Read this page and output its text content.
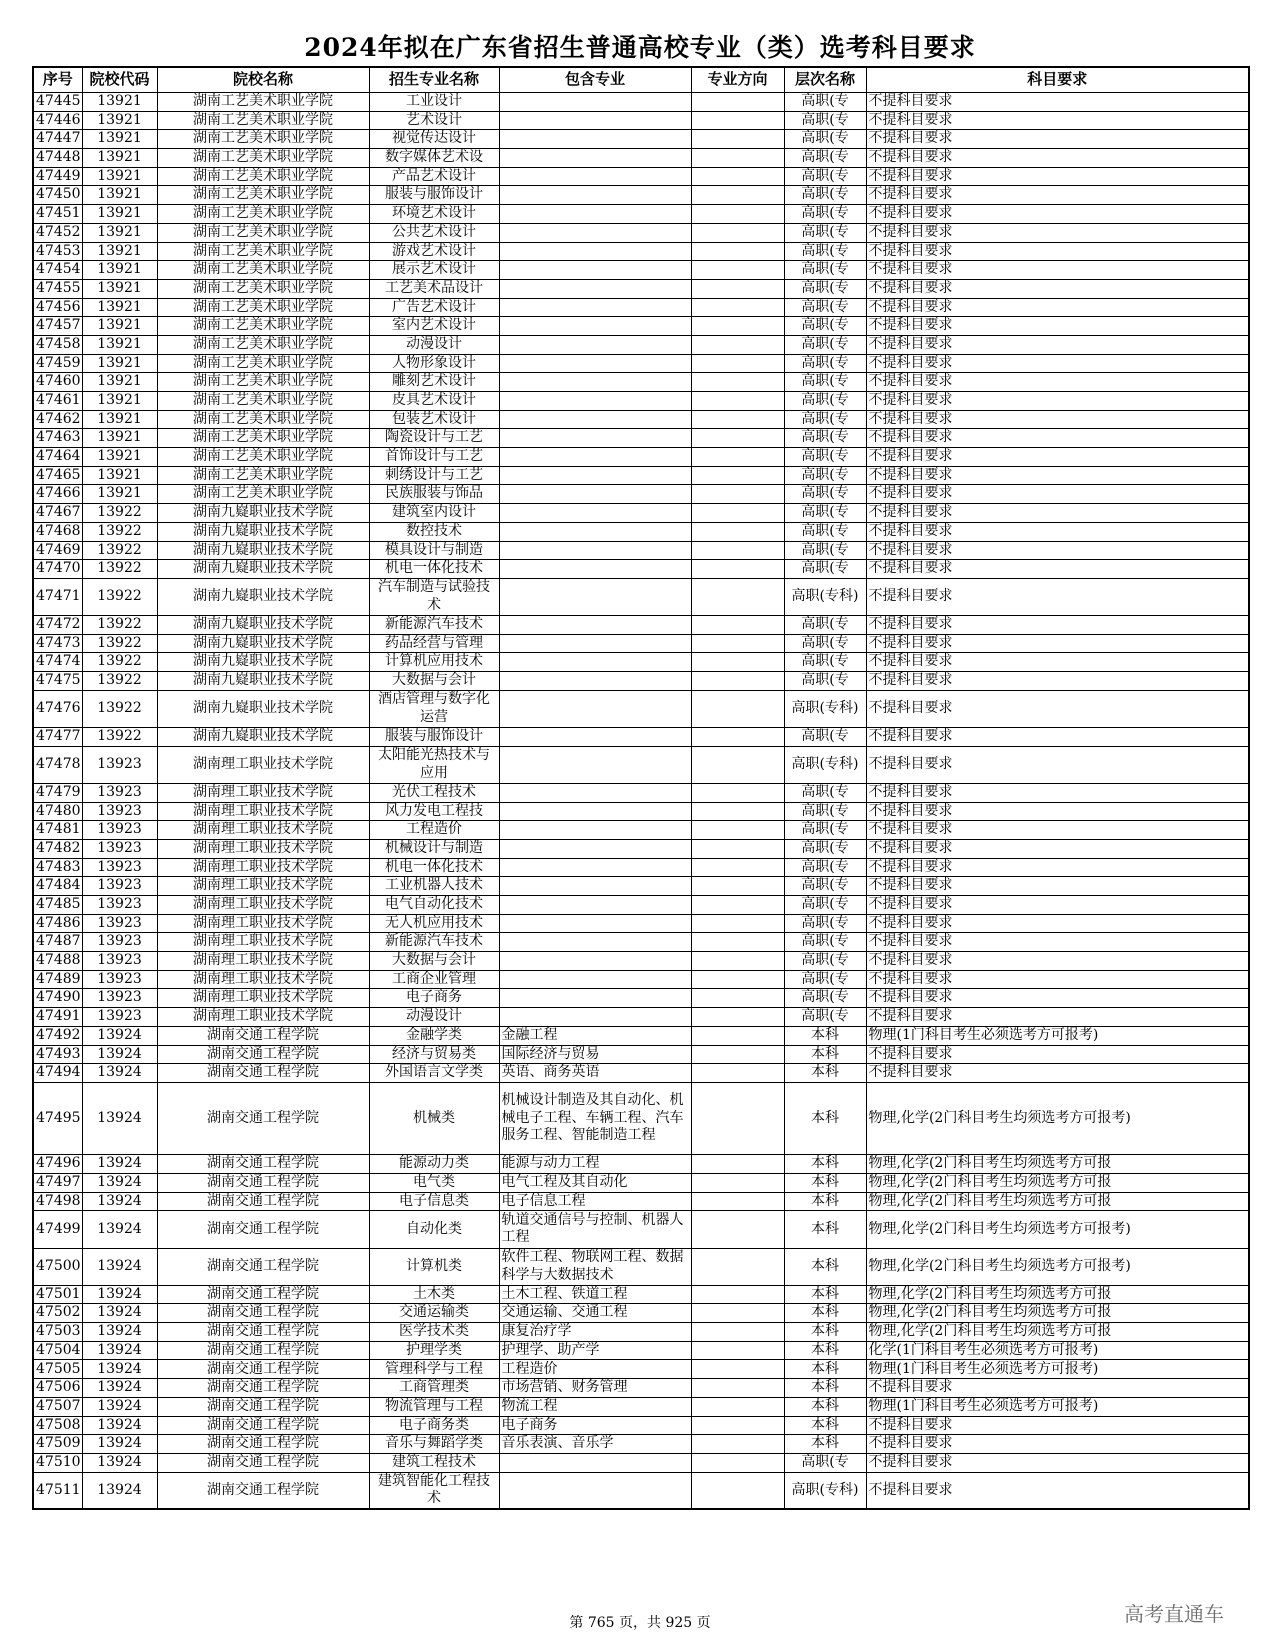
2024年拟在广东省招生普通高校专业（类）选考科目要求
序号	院校代码	院校名称	招生专业名称	包含专业	专业方向	层次名称	科目要求
47445	13921	湖南工艺美术职业学院	工业设计			高职(专	不提科目要求
47446	13921	湖南工艺美术职业学院	艺术设计			高职(专	不提科目要求
47447	13921	湖南工艺美术职业学院	视觉传达设计			高职(专	不提科目要求
47448	13921	湖南工艺美术职业学院	数字媒体艺术设			高职(专	不提科目要求
47449	13921	湖南工艺美术职业学院	产品艺术设计			高职(专	不提科目要求
47450	13921	湖南工艺美术职业学院	服装与服饰设计			高职(专	不提科目要求
47451	13921	湖南工艺美术职业学院	环境艺术设计			高职(专	不提科目要求
47452	13921	湖南工艺美术职业学院	公共艺术设计			高职(专	不提科目要求
47453	13921	湖南工艺美术职业学院	游戏艺术设计			高职(专	不提科目要求
47454	13921	湖南工艺美术职业学院	展示艺术设计			高职(专	不提科目要求
47455	13921	湖南工艺美术职业学院	工艺美术品设计			高职(专	不提科目要求
47456	13921	湖南工艺美术职业学院	广告艺术设计			高职(专	不提科目要求
47457	13921	湖南工艺美术职业学院	室内艺术设计			高职(专	不提科目要求
47458	13921	湖南工艺美术职业学院	动漫设计			高职(专	不提科目要求
47459	13921	湖南工艺美术职业学院	人物形象设计			高职(专	不提科目要求
47460	13921	湖南工艺美术职业学院	雕刻艺术设计			高职(专	不提科目要求
47461	13921	湖南工艺美术职业学院	皮具艺术设计			高职(专	不提科目要求
47462	13921	湖南工艺美术职业学院	包装艺术设计			高职(专	不提科目要求
47463	13921	湖南工艺美术职业学院	陶瓷设计与工艺			高职(专	不提科目要求
47464	13921	湖南工艺美术职业学院	首饰设计与工艺			高职(专	不提科目要求
47465	13921	湖南工艺美术职业学院	刺绣设计与工艺			高职(专	不提科目要求
47466	13921	湖南工艺美术职业学院	民族服装与饰品			高职(专	不提科目要求
47467	13922	湖南九嶷职业技术学院	建筑室内设计			高职(专	不提科目要求
47468	13922	湖南九嶷职业技术学院	数控技术			高职(专	不提科目要求
47469	13922	湖南九嶷职业技术学院	模具设计与制造			高职(专	不提科目要求
47470	13922	湖南九嶷职业技术学院	机电一体化技术			高职(专	不提科目要求
47471	13922	湖南九嶷职业技术学院	汽车制造与试验技术			高职(专科)	不提科目要求
47472	13922	湖南九嶷职业技术学院	新能源汽车技术			高职(专	不提科目要求
47473	13922	湖南九嶷职业技术学院	药品经营与管理			高职(专	不提科目要求
47474	13922	湖南九嶷职业技术学院	计算机应用技术			高职(专	不提科目要求
47475	13922	湖南九嶷职业技术学院	大数据与会计			高职(专	不提科目要求
47476	13922	湖南九嶷职业技术学院	酒店管理与数字化运营			高职(专科)	不提科目要求
47477	13922	湖南九嶷职业技术学院	服装与服饰设计			高职(专	不提科目要求
47478	13923	湖南理工职业技术学院	太阳能光热技术与应用			高职(专科)	不提科目要求
47479	13923	湖南理工职业技术学院	光伏工程技术			高职(专	不提科目要求
47480	13923	湖南理工职业技术学院	风力发电工程技			高职(专	不提科目要求
47481	13923	湖南理工职业技术学院	工程造价			高职(专	不提科目要求
47482	13923	湖南理工职业技术学院	机械设计与制造			高职(专	不提科目要求
47483	13923	湖南理工职业技术学院	机电一体化技术			高职(专	不提科目要求
47484	13923	湖南理工职业技术学院	工业机器人技术			高职(专	不提科目要求
47485	13923	湖南理工职业技术学院	电气自动化技术			高职(专	不提科目要求
47486	13923	湖南理工职业技术学院	无人机应用技术			高职(专	不提科目要求
47487	13923	湖南理工职业技术学院	新能源汽车技术			高职(专	不提科目要求
47488	13923	湖南理工职业技术学院	大数据与会计			高职(专	不提科目要求
47489	13923	湖南理工职业技术学院	工商企业管理			高职(专	不提科目要求
47490	13923	湖南理工职业技术学院	电子商务			高职(专	不提科目要求
47491	13923	湖南理工职业技术学院	动漫设计			高职(专	不提科目要求
47492	13924	湖南交通工程学院	金融学类	金融工程		本科	物理(1门科目考生必须选考方可报考)
47493	13924	湖南交通工程学院	经济与贸易类	国际经济与贸易		本科	不提科目要求
47494	13924	湖南交通工程学院	外国语言文学类	英语、商务英语		本科	不提科目要求
47495	13924	湖南交通工程学院	机械类	机械设计制造及其自动化、机械电子工程、车辆工程、汽车服务工程、智能制造工程		本科	物理,化学(2门科目考生均须选考方可报考)
47496	13924	湖南交通工程学院	能源动力类	能源与动力工程		本科	物理,化学(2门科目考生均须选考方可报
47497	13924	湖南交通工程学院	电气类	电气工程及其自动化		本科	物理,化学(2门科目考生均须选考方可报
47498	13924	湖南交通工程学院	电子信息类	电子信息工程		本科	物理,化学(2门科目考生均须选考方可报
47499	13924	湖南交通工程学院	自动化类	轨道交通信号与控制、机器人工程		本科	物理,化学(2门科目考生均须选考方可报考)
47500	13924	湖南交通工程学院	计算机类	软件工程、物联网工程、数据科学与大数据技术		本科	物理,化学(2门科目考生均须选考方可报考)
47501	13924	湖南交通工程学院	土木类	土木工程、铁道工程		本科	物理,化学(2门科目考生均须选考方可报
47502	13924	湖南交通工程学院	交通运输类	交通运输、交通工程		本科	物理,化学(2门科目考生均须选考方可报
47503	13924	湖南交通工程学院	医学技术类	康复治疗学		本科	物理,化学(2门科目考生均须选考方可报
47504	13924	湖南交通工程学院	护理学类	护理学、助产学		本科	化学(1门科目考生必须选考方可报考)
47505	13924	湖南交通工程学院	管理科学与工程	工程造价		本科	物理(1门科目考生必须选考方可报考)
47506	13924	湖南交通工程学院	工商管理类	市场营销、财务管理		本科	不提科目要求
47507	13924	湖南交通工程学院	物流管理与工程	物流工程		本科	物理(1门科目考生必须选考方可报考)
47508	13924	湖南交通工程学院	电子商务类	电子商务		本科	不提科目要求
47509	13924	湖南交通工程学院	音乐与舞蹈学类	音乐表演、音乐学		本科	不提科目要求
47510	13924	湖南交通工程学院	建筑工程技术			高职(专	不提科目要求
47511	13924	湖南交通工程学院	建筑智能化工程技术			高职(专科)	不提科目要求
第 765 页，共 925 页	高考直通车
